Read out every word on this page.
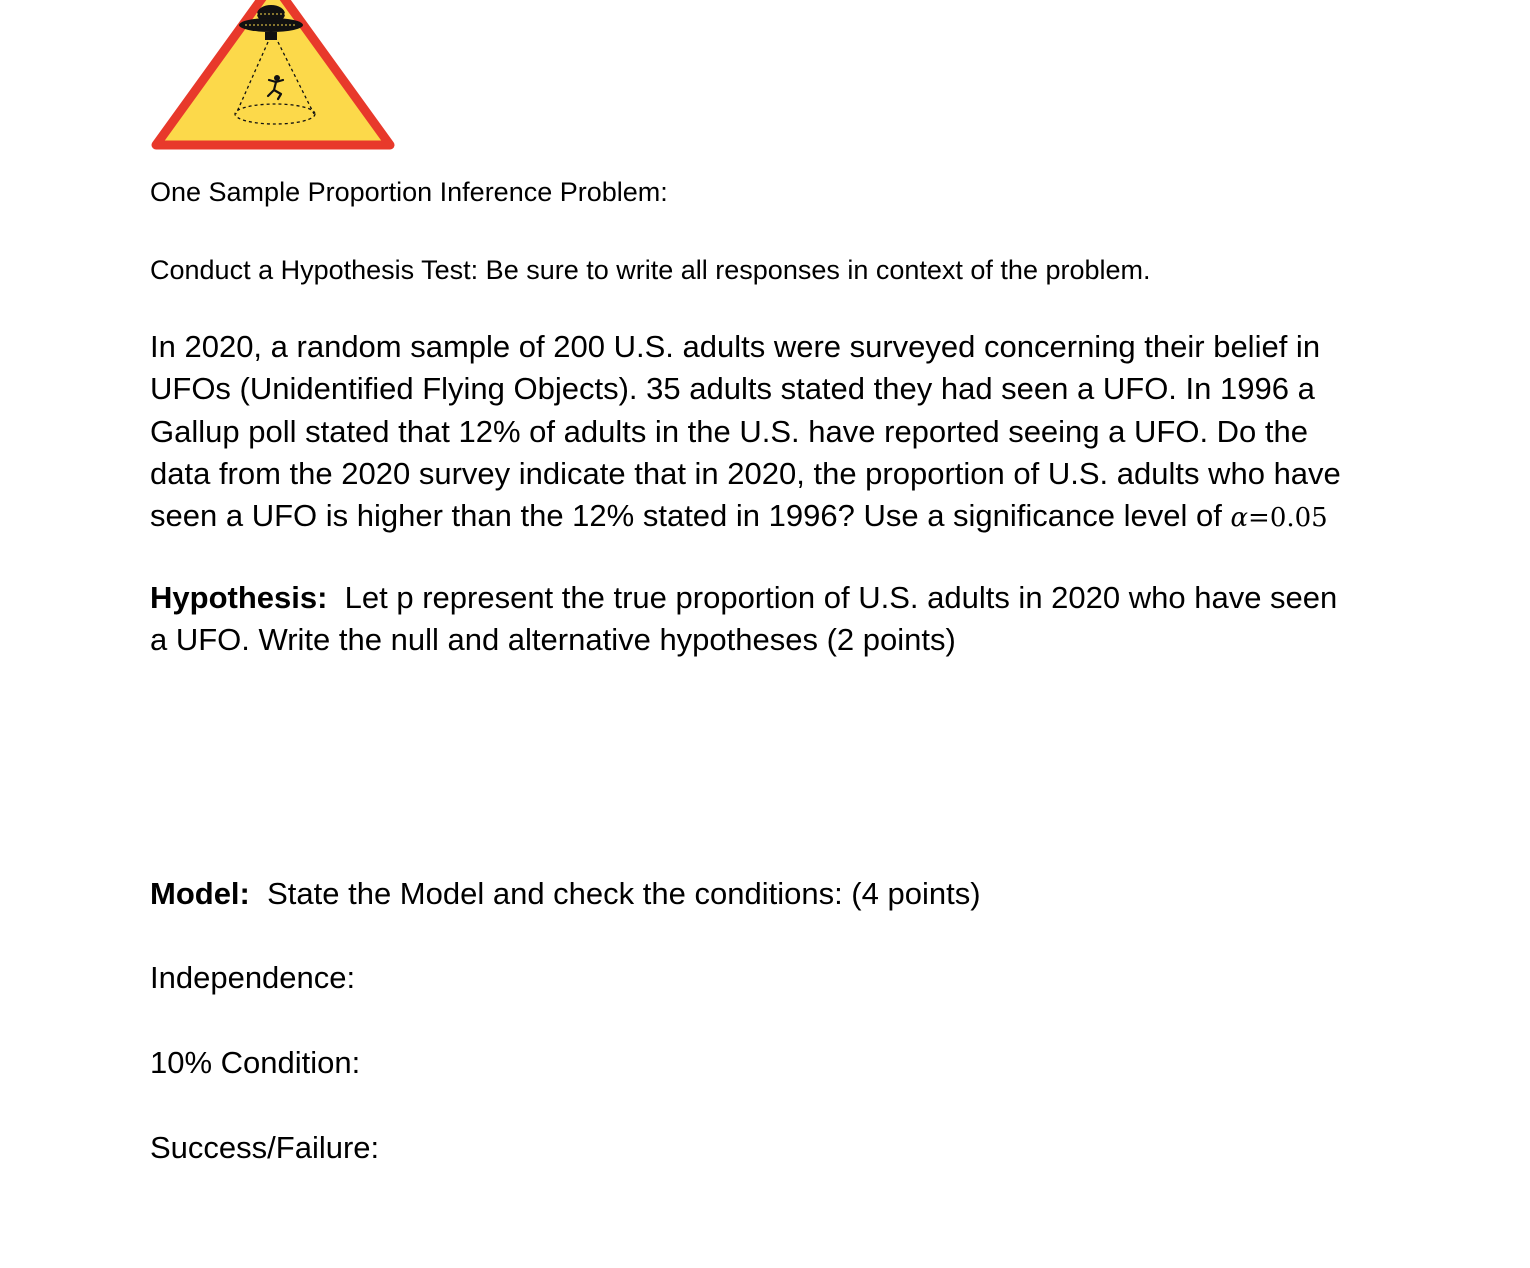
One Sample Proportion Inference Problem:

Conduct a Hypothesis Test: Be sure to write all responses in context of the problem.

In 2020, a random sample of 200 U.S. adults were surveyed concerning their belief in
UFOs (Unidentified Flying Objects). 35 adults stated they had seen a UFO. In 1996 a
Gallup poll stated that 12% of adults in the U.S. have reported seeing a UFO. Do the
data from the 2020 survey indicate that in 2020, the proportion of U.S. adults who have
seen a UFO is higher than the 12% stated in 1996? Use a significance level of α=0.05
Hypothesis:  Let p represent the true proportion of U.S. adults in 2020 who have seen
a UFO. Write the null and alternative hypotheses (2 points)
Model:  State the Model and check the conditions: (4 points)
Independence:
10% Condition:
Success/Failure:
